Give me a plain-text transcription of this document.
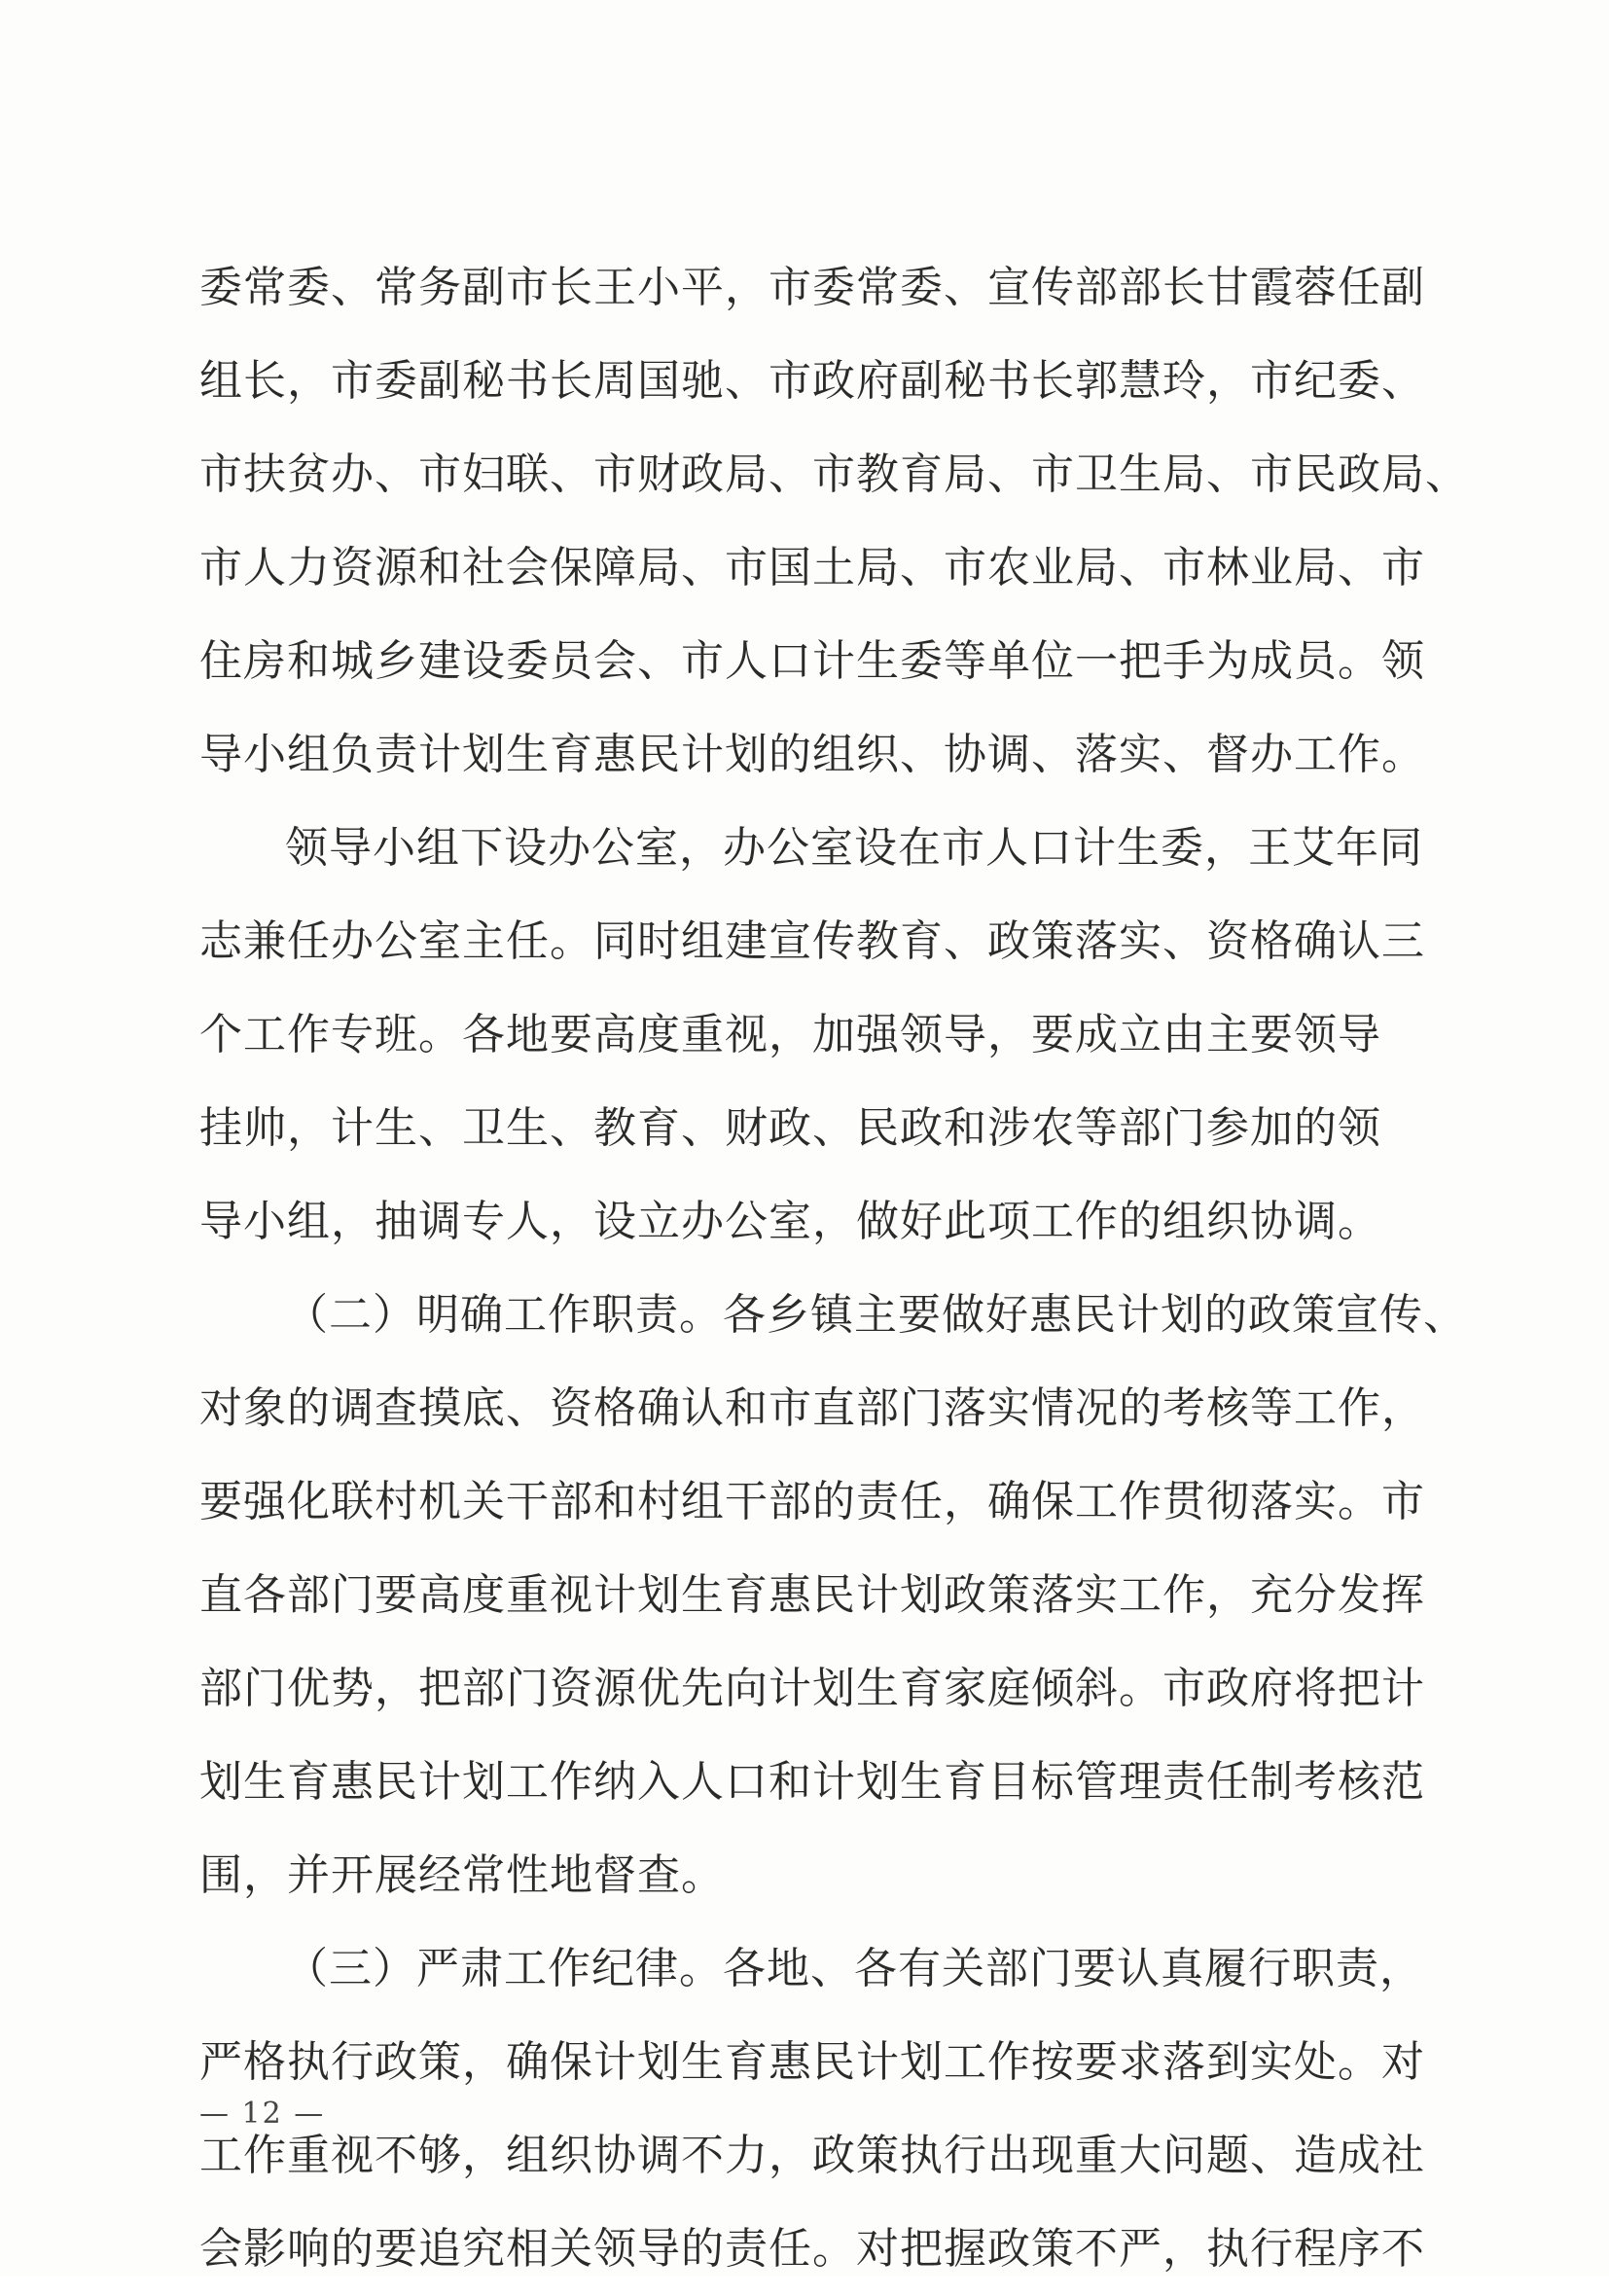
委常委、常务副市长王小平，市委常委、宣传部部长甘霞蓉任副
组长，市委副秘书长周国驰、市政府副秘书长郭慧玲，市纪委、
市扶贫办、市妇联、市财政局、市教育局、市卫生局、市民政局、
市人力资源和社会保障局、市国土局、市农业局、市林业局、市
住房和城乡建设委员会、市人口计生委等单位一把手为成员。领
导小组负责计划生育惠民计划的组织、协调、落实、督办工作。
领导小组下设办公室，办公室设在市人口计生委，王艾年同
志兼任办公室主任。同时组建宣传教育、政策落实、资格确认三
个工作专班。各地要高度重视，加强领导，要成立由主要领导
挂帅，计生、卫生、教育、财政、民政和涉农等部门参加的领
导小组，抽调专人，设立办公室，做好此项工作的组织协调。
（二）明确工作职责。各乡镇主要做好惠民计划的政策宣传、
对象的调查摸底、资格确认和市直部门落实情况的考核等工作，
要强化联村机关干部和村组干部的责任，确保工作贯彻落实。市
直各部门要高度重视计划生育惠民计划政策落实工作，充分发挥
部门优势，把部门资源优先向计划生育家庭倾斜。市政府将把计
划生育惠民计划工作纳入人口和计划生育目标管理责任制考核范
围，并开展经常性地督查。
（三）严肃工作纪律。各地、各有关部门要认真履行职责，
严格执行政策，确保计划生育惠民计划工作按要求落到实处。对
工作重视不够，组织协调不力，政策执行出现重大问题、造成社
会影响的要追究相关领导的责任。对把握政策不严，执行程序不
— 12 —
